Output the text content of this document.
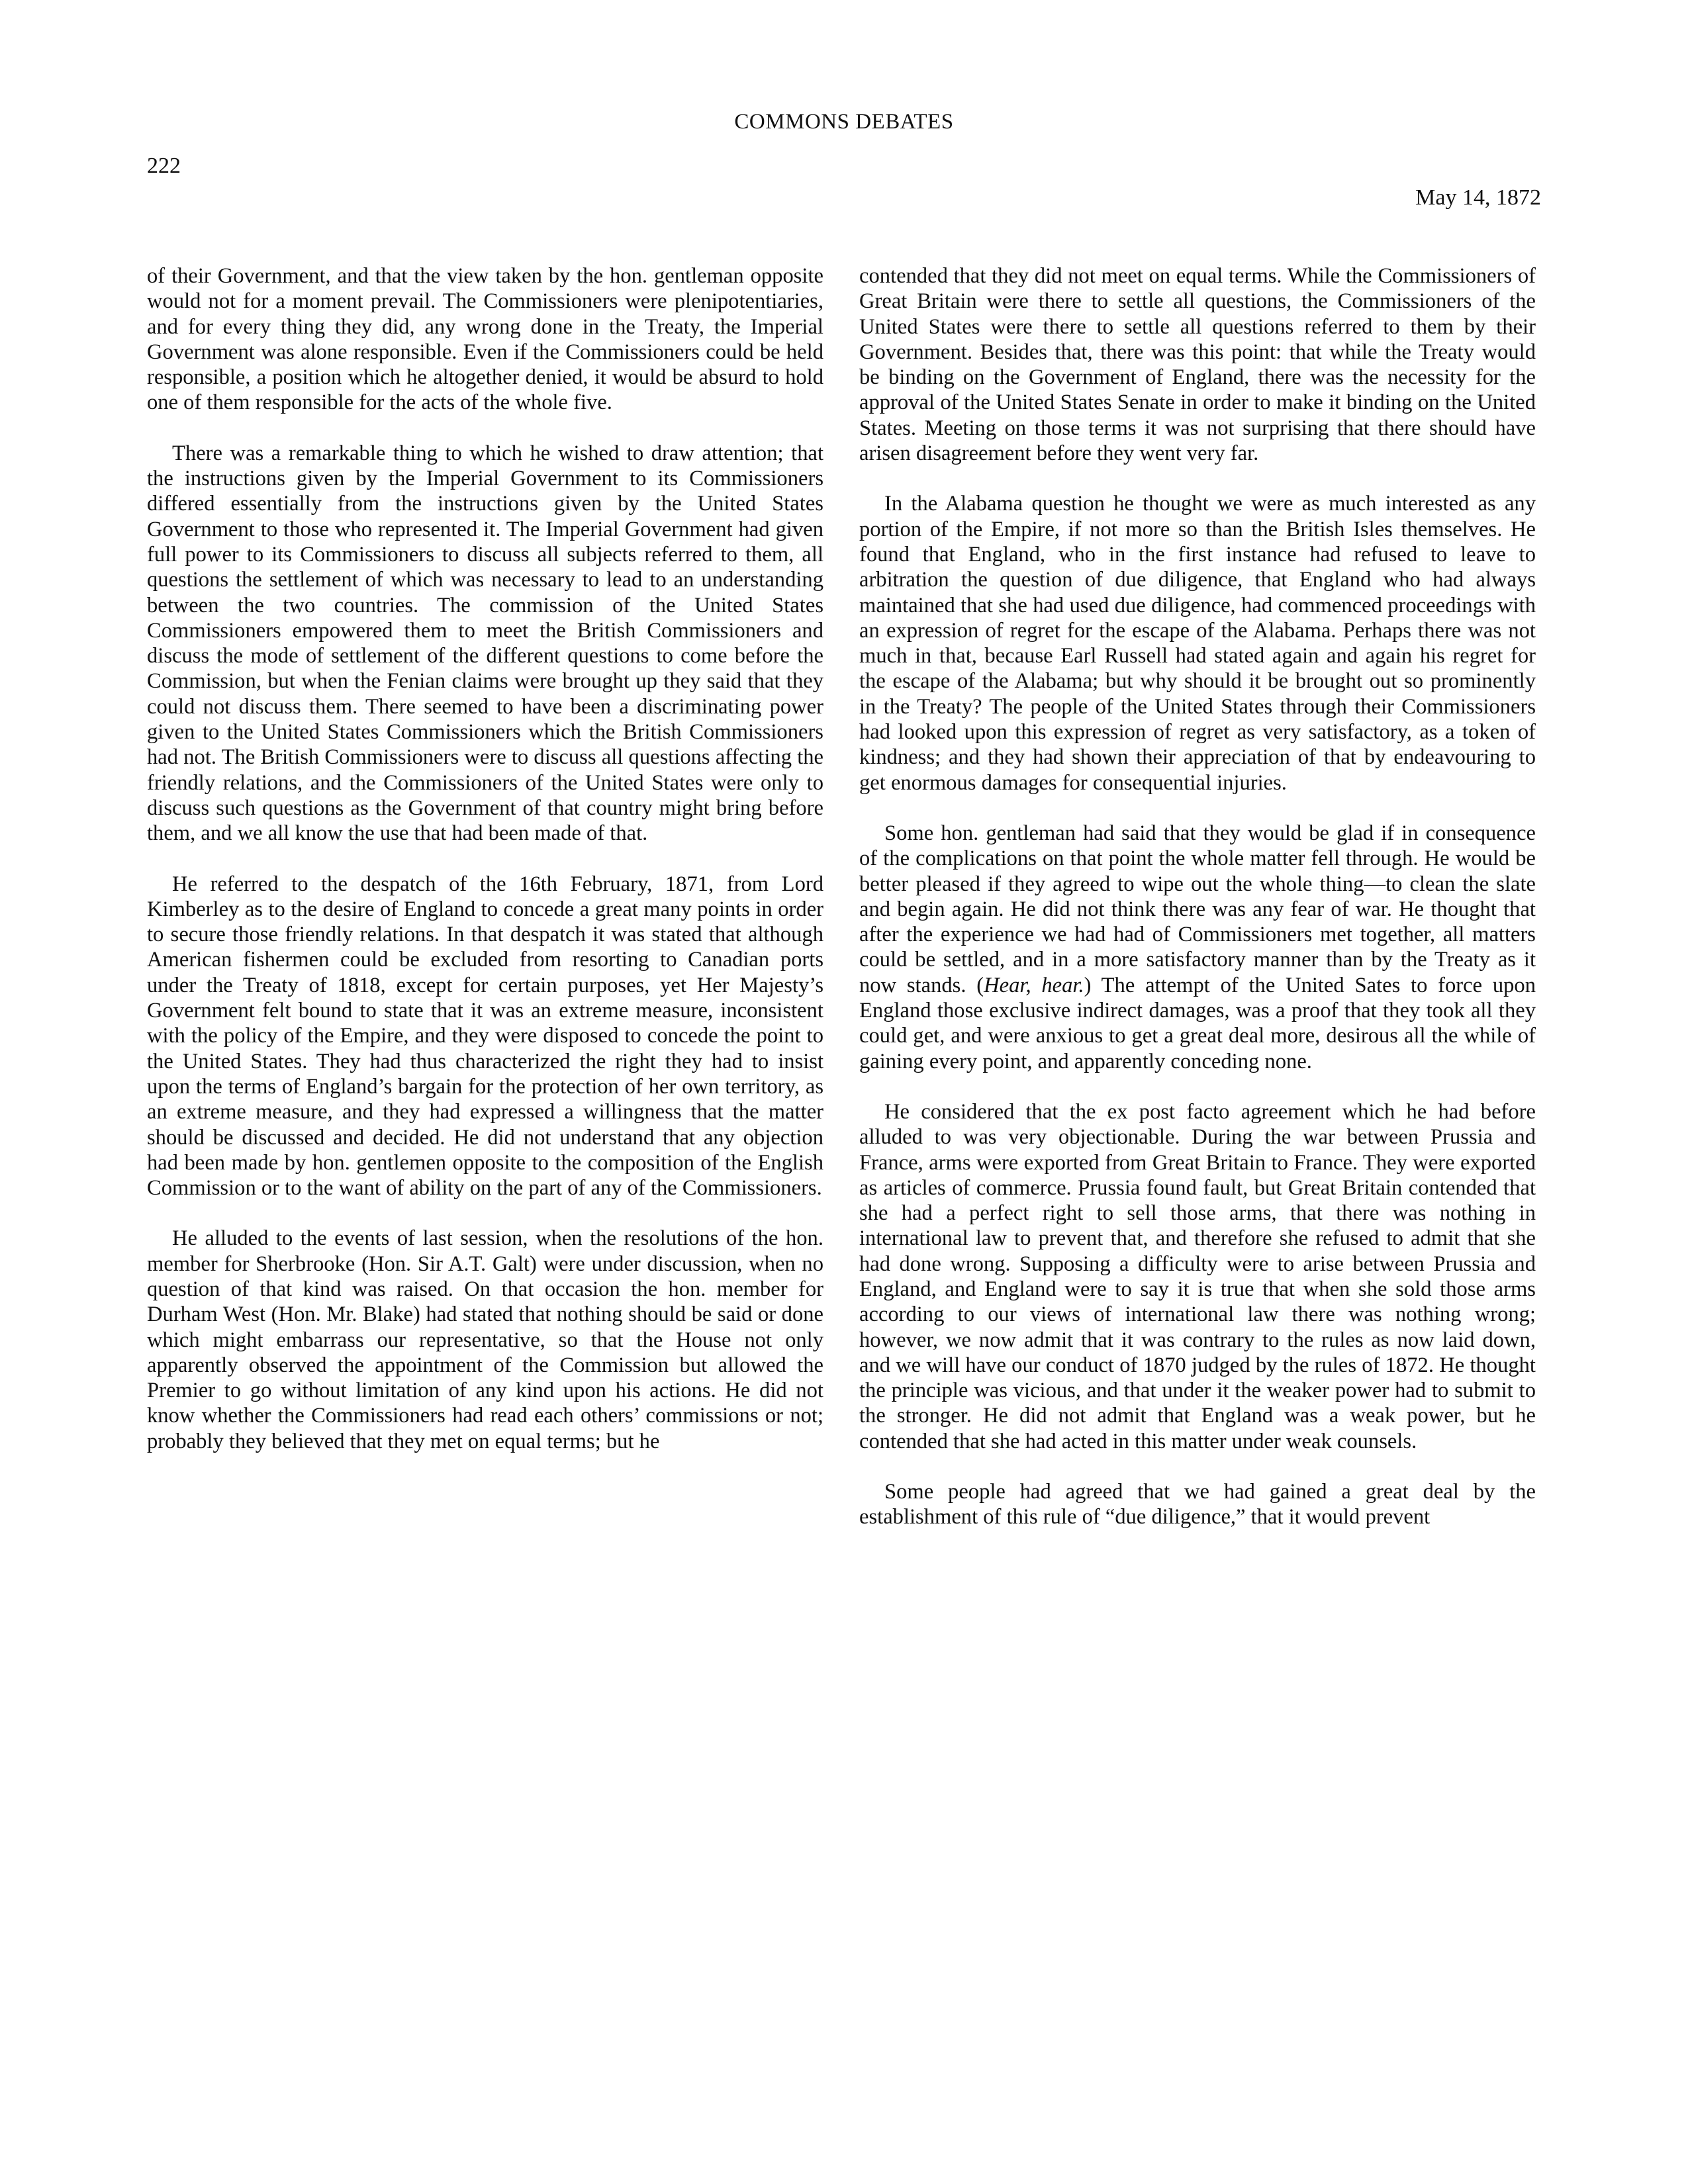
COMMONS DEBATES
222
May 14, 1872

of their Government, and that the view taken by the hon. gentleman opposite would not for a moment prevail. The Commissioners were plenipotentiaries, and for every thing they did, any wrong done in the Treaty, the Imperial Government was alone responsible. Even if the Commissioners could be held responsible, a position which he altogether denied, it would be absurd to hold one of them responsible for the acts of the whole five.

There was a remarkable thing to which he wished to draw attention; that the instructions given by the Imperial Government to its Commissioners differed essentially from the instructions given by the United States Government to those who represented it. The Imperial Government had given full power to its Commissioners to discuss all subjects referred to them, all questions the settlement of which was necessary to lead to an understanding between the two countries. The commission of the United States Commissioners empowered them to meet the British Commissioners and discuss the mode of settlement of the different questions to come before the Commission, but when the Fenian claims were brought up they said that they could not discuss them. There seemed to have been a discriminating power given to the United States Commissioners which the British Commissioners had not. The British Commissioners were to discuss all questions affecting the friendly relations, and the Commissioners of the United States were only to discuss such questions as the Government of that country might bring before them, and we all know the use that had been made of that.

He referred to the despatch of the 16th February, 1871, from Lord Kimberley as to the desire of England to concede a great many points in order to secure those friendly relations. In that despatch it was stated that although American fishermen could be excluded from resorting to Canadian ports under the Treaty of 1818, except for certain purposes, yet Her Majesty’s Government felt bound to state that it was an extreme measure, inconsistent with the policy of the Empire, and they were disposed to concede the point to the United States. They had thus characterized the right they had to insist upon the terms of England’s bargain for the protection of her own territory, as an extreme measure, and they had expressed a willingness that the matter should be discussed and decided. He did not understand that any objection had been made by hon. gentlemen opposite to the composition of the English Commission or to the want of ability on the part of any of the Commissioners.

He alluded to the events of last session, when the resolutions of the hon. member for Sherbrooke (Hon. Sir A.T. Galt) were under discussion, when no question of that kind was raised. On that occasion the hon. member for Durham West (Hon. Mr. Blake) had stated that nothing should be said or done which might embarrass our representative, so that the House not only apparently observed the appointment of the Commission but allowed the Premier to go without limitation of any kind upon his actions. He did not know whether the Commissioners had read each others’ commissions or not; probably they believed that they met on equal terms; but he

contended that they did not meet on equal terms. While the Commissioners of Great Britain were there to settle all questions, the Commissioners of the United States were there to settle all questions referred to them by their Government. Besides that, there was this point: that while the Treaty would be binding on the Government of England, there was the necessity for the approval of the United States Senate in order to make it binding on the United States. Meeting on those terms it was not surprising that there should have arisen disagreement before they went very far.

In the Alabama question he thought we were as much interested as any portion of the Empire, if not more so than the British Isles themselves. He found that England, who in the first instance had refused to leave to arbitration the question of due diligence, that England who had always maintained that she had used due diligence, had commenced proceedings with an expression of regret for the escape of the Alabama. Perhaps there was not much in that, because Earl Russell had stated again and again his regret for the escape of the Alabama; but why should it be brought out so prominently in the Treaty? The people of the United States through their Commissioners had looked upon this expression of regret as very satisfactory, as a token of kindness; and they had shown their appreciation of that by endeavouring to get enormous damages for consequential injuries.

Some hon. gentleman had said that they would be glad if in consequence of the complications on that point the whole matter fell through. He would be better pleased if they agreed to wipe out the whole thing—to clean the slate and begin again. He did not think there was any fear of war. He thought that after the experience we had had of Commissioners met together, all matters could be settled, and in a more satisfactory manner than by the Treaty as it now stands. (Hear, hear.) The attempt of the United Sates to force upon England those exclusive indirect damages, was a proof that they took all they could get, and were anxious to get a great deal more, desirous all the while of gaining every point, and apparently conceding none.

He considered that the ex post facto agreement which he had before alluded to was very objectionable. During the war between Prussia and France, arms were exported from Great Britain to France. They were exported as articles of commerce. Prussia found fault, but Great Britain contended that she had a perfect right to sell those arms, that there was nothing in international law to prevent that, and therefore she refused to admit that she had done wrong. Supposing a difficulty were to arise between Prussia and England, and England were to say it is true that when she sold those arms according to our views of international law there was nothing wrong; however, we now admit that it was contrary to the rules as now laid down, and we will have our conduct of 1870 judged by the rules of 1872. He thought the principle was vicious, and that under it the weaker power had to submit to the stronger. He did not admit that England was a weak power, but he contended that she had acted in this matter under weak counsels.

Some people had agreed that we had gained a great deal by the establishment of this rule of “due diligence,” that it would prevent
